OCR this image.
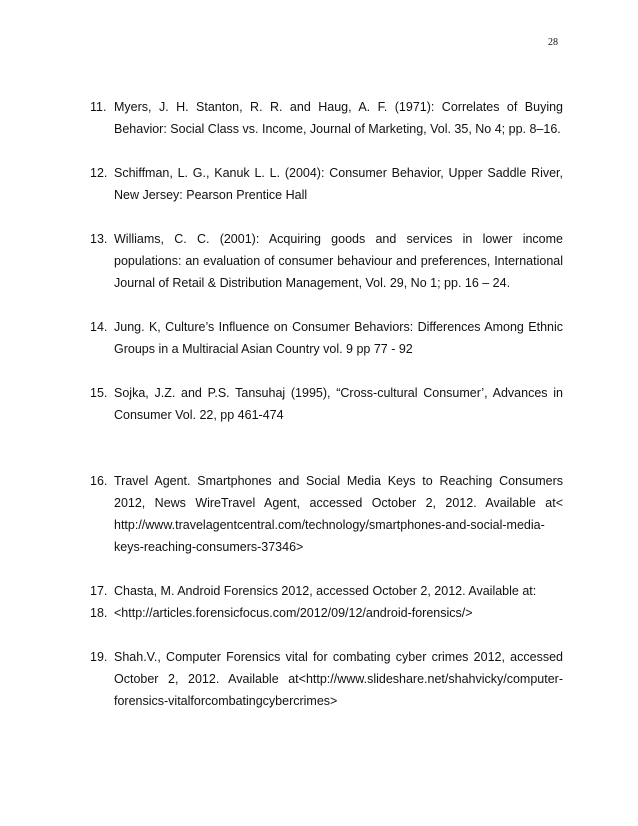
28
11. Myers, J. H. Stanton, R. R. and Haug, A. F. (1971): Correlates of Buying Behavior: Social Class vs. Income, Journal of Marketing, Vol. 35, No 4; pp. 8–16.
12. Schiffman, L. G., Kanuk L. L. (2004): Consumer Behavior, Upper Saddle River, New Jersey: Pearson Prentice Hall
13. Williams, C. C. (2001): Acquiring goods and services in lower income populations: an evaluation of consumer behaviour and preferences, International Journal of Retail & Distribution Management, Vol. 29, No 1; pp. 16 – 24.
14. Jung. K, Culture’s Influence on Consumer Behaviors: Differences Among Ethnic Groups in a Multiracial Asian Country vol. 9 pp 77 - 92
15. Sojka, J.Z. and P.S. Tansuhaj (1995), “Cross-cultural Consumer’, Advances in Consumer Vol. 22, pp 461-474
16. Travel Agent. Smartphones and Social Media Keys to Reaching Consumers 2012, News WireTravel Agent, accessed October 2, 2012. Available at< http://www.travelagentcentral.com/technology/smartphones-and-social-media-keys-reaching-consumers-37346>
17. Chasta, M. Android Forensics 2012, accessed October 2, 2012. Available at:
18. <http://articles.forensicfocus.com/2012/09/12/android-forensics/>
19. Shah.V., Computer Forensics vital for combating cyber crimes 2012, accessed October 2, 2012. Available at<http://www.slideshare.net/shahvicky/computer-forensics-vitalforcombatingcybercrimes>
